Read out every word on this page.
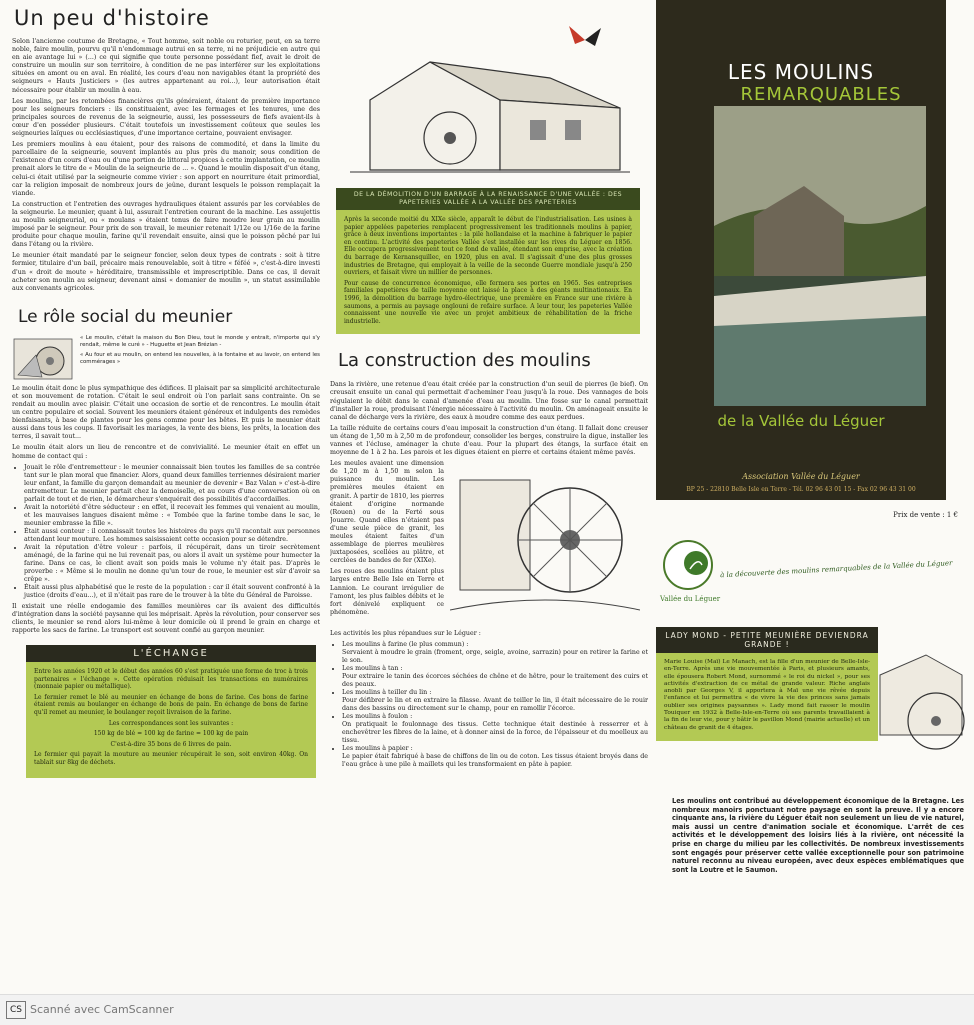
Un peu d'histoire

Selon l'ancienne coutume de Bretagne, « Tout homme, soit noble ou roturier, peut, en sa terre noble, faire moulin, pourvu qu'il n'endommage autrui en sa terre, ni ne préjudicie en autre qui en aie avantage lui » (...) ce qui signifie que toute personne possédant fief, avait le droit de construire un moulin sur son territoire, à condition de ne pas interférer sur les exploitations situées en amont ou en aval. En réalité, les cours d'eau non navigables étant la propriété des seigneurs « Hauts Justiciers » (les autres appartenant au roi...), leur autorisation était nécessaire pour établir un moulin à eau.

Les moulins, par les retombées financières qu'ils généraient, étaient de première importance pour les seigneurs fonciers : ils constituaient, avec les fermages et les tenures, une des principales sources de revenus de la seigneurie, aussi, les possesseurs de fiefs avaient-ils à cœur d'en posséder plusieurs. C'était toutefois un investissement coûteux que seules les seigneuries laïques ou ecclésiastiques, d'une importance certaine, pouvaient envisager.

Les premiers moulins à eau étaient, pour des raisons de commodité, et dans la limite du parcellaire de la seigneurie, souvent implantés au plus près du manoir, sous condition de l'existence d'un cours d'eau ou d'une portion de littoral propices à cette implantation, ce moulin prenait alors le titre de « Moulin de la seigneurie de ... ». Quand le moulin disposait d'un étang, celui-ci était utilisé par la seigneurie comme vivier : son apport en nourriture était primordial, car la religion imposait de nombreux jours de jeûne, durant lesquels le poisson remplaçait la viande.

La construction et l'entretien des ouvrages hydrauliques étaient assurés par les corvéables de la seigneurie. Le meunier, quant à lui, assurait l'entretien courant de la machine. Les assujettis au moulin seigneurial, ou « moulans » étaient tenus de faire moudre leur grain au moulin imposé par le seigneur. Pour prix de son travail, le meunier retenait 1/12e ou 1/16e de la farine produite pour chaque moulin, farine qu'il revendait ensuite, ainsi que le poisson pêché par lui dans l'étang ou la rivière.

Le meunier était mandaté par le seigneur foncier, selon deux types de contrats : soit à titre fermier, titulaire d'un bail, précaire mais renouvelable, soit à titre « féféé », c'est-à-dire investi d'un « droit de moute » héréditaire, transmissible et imprescriptible. Dans ce cas, il devait acheter son moulin au seigneur, devenant ainsi « domanier de moulin », un statut assimilable aux convenants agricoles.

Le rôle social du meunier

« Le moulin, c'était la maison du Bon Dieu, tout le monde y entrait, n'importe qui s'y rendait, même le curé » - Huguette et Jean Brézian -

« Au four et au moulin, on entend les nouvelles, à la fontaine et au lavoir, on entend les commérages »

Le moulin était donc le plus sympathique des édifices. Il plaisait par sa simplicité architecturale et son mouvement de rotation. C'était le seul endroit où l'on parlait sans contrainte. On se rendait au moulin avec plaisir. C'était une occasion de sortie et de rencontres. Le moulin était un centre populaire et social. Souvent les meuniers étaient généreux et indulgents des remèdes bienfaisants, à base de plantes pour les gens comme pour les bêtes. Et puis le meunier était aussi dans tous les coups. Il favorisait les mariages, la vente des biens, les prêts, la location des terres, il savait tout...

Le moulin était alors un lieu de rencontre et de convivialité. Le meunier était en effet un homme de contact qui :

• Jouait le rôle d'entremetteur : le meunier connaissait bien toutes les familles de sa contrée tant sur le plan moral que financier. Alors, quand deux familles terriennes désiraient marier leur enfant, la famille du garçon demandait au meunier de devenir « Baz Valan » c'est-à-dire entremetteur. Le meunier partait chez la demoiselle, et au cours d'une conversation où on parlait de tout et de rien, le démarcheur s'enquérait des possibilités d'accordailles.
• Avait la notoriété d'être séducteur : en effet, il recevait les femmes qui venaient au moulin, et les mauvaises langues disaient même : « Tombée que la farine tombe dans le sac, le meunier embrasse la fille ».
• Était aussi conteur : il connaissait toutes les histoires du pays qu'il racontait aux personnes attendant leur mouture. Les hommes saisissaient cette occasion pour se détendre.
• Avait la réputation d'être voleur : parfois, il récupérait, dans un tiroir secrètement aménagé, de la farine qui ne lui revenait pas, ou alors il avait un système pour humecter la farine. Dans ce cas, le client avait son poids mais le volume n'y était pas. D'après le proverbe : « Même si le moulin ne donne qu'un tour de roue, le meunier est sûr d'avoir sa crêpe ».
• Était aussi plus alphabétisé que le reste de la population : car il était souvent confronté à la justice (droits d'eau...), et il n'était pas rare de le trouver à la tête du Général de Paroisse.

Il existait une réelle endogamie des familles meunières car ils avaient des difficultés d'intégration dans la société paysanne qui les méprisait. Après la révolution, pour conserver ses clients, le meunier se rend alors lui-même à leur domicile où il prend le grain en charge et rapporte les sacs de farine. Le transport est souvent confié au garçon meunier.

L'ÉCHANGE

Entre les années 1920 et le début des années 60 s'est pratiquée une forme de troc à trois partenaires « l'échange ». Cette opération réduisait les transactions en numéraires (monnaie papier ou métallique).

Le fermier remet le blé au meunier en échange de bons de farine. Ces bons de farine étaient remis au boulanger en échange de bons de pain. En échange de bons de farine qu'il remet au meunier, le boulanger reçoit livraison de la farine.

Les correspondances sont les suivantes :

150 kg de blé = 100 kg de farine = 100 kg de pain

C'est-à-dire 35 bons de 6 livres de pain.

Le fermier qui payait la mouture au meunier récupérait le son, soit environ 40kg. On tablait sur 8kg de déchets.

DE LA DÉMOLITION D'UN BARRAGE À LA RENAISSANCE D'UNE VALLÉE : DES PAPETERIES VALLÉE À LA VALLÉE DES PAPETERIES

Après la seconde moitié du XIXe siècle, apparaît le début de l'industrialisation. Les usines à papier appelées papeteries remplacent progressivement les traditionnels moulins à papier, grâce à deux inventions importantes : la pile hollandaise et la machine à fabriquer le papier en continu. L'activité des papeteries Vallée s'est installée sur les rives du Léguer en 1856. Elle occupera progressivement tout ce fond de vallée, étendant son emprise, avec la création du barrage de Kernansquillec, en 1920, plus en aval. Il s'agissait d'une des plus grosses industries de Bretagne, qui employait à la veille de la seconde Guerre mondiale jusqu'à 250 ouvriers, et faisait vivre un millier de personnes.

Pour cause de concurrence économique, elle fermera ses portes en 1965. Ses entreprises familiales papetières de taille moyenne ont laissé la place à des géants multinationaux. En 1996, la démolition du barrage hydro-électrique, une première en France sur une rivière à saumons, a permis au paysage onglouni de refaire surface. A leur tour, les papeteries Vallée connaissent une nouvelle vie avec un projet ambitieux de réhabilitation de la friche industrielle.

La construction des moulins

Dans la rivière, une retenue d'eau était créée par la construction d'un seuil de pierres (le bief). On creusait ensuite un canal qui permettait d'acheminer l'eau jusqu'à la roue. Des vannages de bois régulaient le débit dans le canal d'amenée d'eau au moulin. Une fosse sur le canal permettait d'installer la roue, produisant l'énergie nécessaire à l'activité du moulin. On aménageait ensuite le canal de décharge vers la rivière, des eaux à moudre comme des eaux perdues.

La taille réduite de certains cours d'eau imposait la construction d'un étang. Il fallait donc creuser un étang de 1,50 m à 2,50 m de profondeur, consolider les berges, construire la digue, installer les vannes et l'écluse, aménager la chute d'eau. Pour la plupart des étangs, la surface était en moyenne de 1 à 2 ha. Les parois et les digues étaient en pierre et certains étaient même pavés.

Les meules avaient une dimension de 1,20 m à 1,50 m selon la puissance du moulin. Les premières meules étaient en granit. À partir de 1810, les pierres étaient d'origine normande (Rouen) ou de la Ferté sous Jouarre. Quand elles n'étaient pas d'une seule pièce de granit, les meules étaient faites d'un assemblage de pierres meulières juxtaposées, scellées au plâtre, et cerclées de bandes de fer (XIXe).

Les roues des moulins étaient plus larges entre Belle Isle en Terre et Lannion. Le courant irrégulier de l'amont, les plus faibles débits et le fort dénivelé expliquent ce phénomène.

Les activités les plus répandues sur le Léguer :

• Les moulins à farine (le plus commun) :
Servaient à moudre le grain (froment, orge, seigle, avoine, sarrazin) pour en retirer la farine et le son.
• Les moulins à tan :
Pour extraire le tanin des écorces séchées de chêne et de hêtre, pour le traitement des cuirs et des peaux.
• Les moulins à teiller du lin :
Pour défibrer le lin et en extraire la filasse. Avant de teiller le lin, il était nécessaire de le rouir dans des bassins ou directement sur le champ, pour en ramollir l'écorce.
• Les moulins à foulon :
On pratiquait le foulonnage des tissus. Cette technique était destinée à resserrer et à enchevêtrer les fibres de la laine, et à donner ainsi de la force, de l'épaisseur et du moelleux au tissu.
• Les moulins à papier :
Le papier était fabriqué à base de chiffons de lin ou de coton. Les tissus étaient broyés dans de l'eau grâce à une pile à maillets qui les transformaient en pâte à papier.
LES MOULINS
REMARQUABLES
de la Vallée du Léguer
Association Vallée du Léguer
BP 25 - 22810 Belle Isle en Terre - Tél. 02 96 43 01 15 - Fax 02 96 43 31 00
Prix de vente : 1 €
Vallée du Léguer
à la découverte des moulins remarquables de la Vallée du Léguer
LADY MOND - PETITE MEUNIÈRE DEVIENDRA GRANDE !

Marie Louise (Maï) Le Manach, est la fille d'un meunier de Belle-Isle-en-Terre. Après une vie mouvementée à Paris, et plusieurs amants, elle épousera Robert Mond, surnommé « le roi du nickel », pour ses activités d'extraction de ce métal de grande valeur. Riche anglais anobli par Georges V, il apportera à Maï une vie rêvée depuis l'enfance et lui permettra « de vivre la vie des princes sans jamais oublier ses origines paysannes ». Lady mond fait rasser le moulin Touiquer en 1932 à Belle-Isle-en-Terre où ses parents travaillaient à la fin de leur vie, pour y bâtir le pavillon Mond (mairie actuelle) et un château de granit de 4 étages.

Les moulins ont contribué au développement économique de la Bretagne. Les nombreux manoirs ponctuant notre paysage en sont la preuve. Il y a encore cinquante ans, la rivière du Léguer était non seulement un lieu de vie naturel, mais aussi un centre d'animation sociale et économique. L'arrêt de ces activités et le développement des loisirs liés à la rivière, ont nécessité la prise en charge du milieu par les collectivités. De nombreux investissements sont engagés pour préserver cette vallée exceptionnelle pour son patrimoine naturel reconnu au niveau européen, avec deux espèces emblématiques que sont la Loutre et le Saumon.

CS Scanné avec CamScanner
